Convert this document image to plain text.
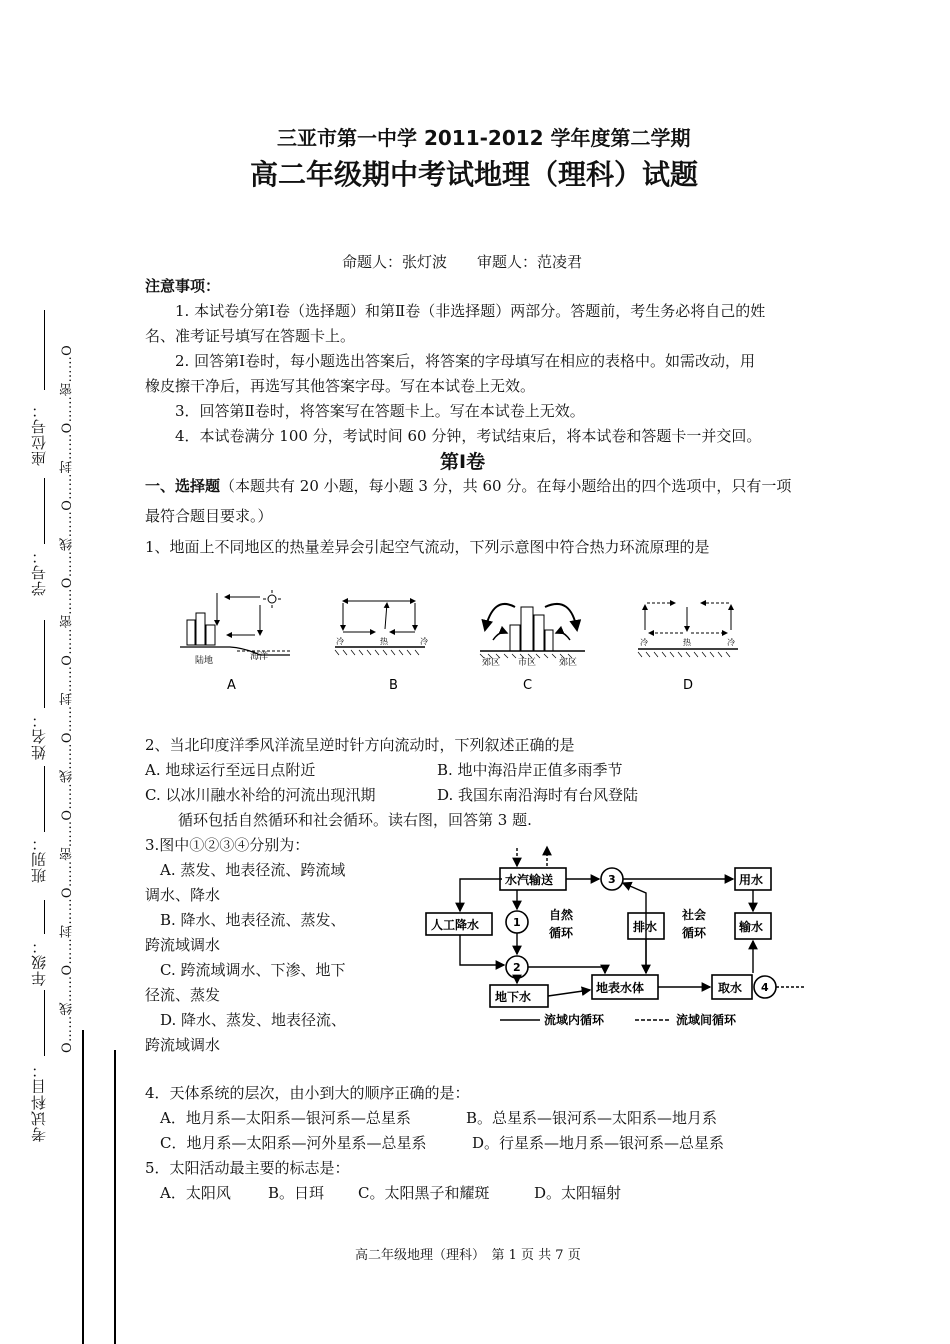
O……线……O……封……O……密……O……线……O……封……O……密……O……线……O……封……O……密……O
考试科目：
年级：
班别：
姓名：
学号：
座位号：
三亚市第一中学 2011-2012 学年度第二学期
高二年级期中考试地理（理科）试题
命题人：张灯波　　审题人：范凌君
注意事项：
1. 本试卷分第Ⅰ卷（选择题）和第Ⅱ卷（非选择题）两部分。答题前，考生务必将自己的姓
名、准考证号填写在答题卡上。
2. 回答第Ⅰ卷时，每小题选出答案后，将答案的字母填写在相应的表格中。如需改动，用
橡皮擦干净后，再选写其他答案字母。写在本试卷上无效。
3．回答第Ⅱ卷时，将答案写在答题卡上。写在本试卷上无效。
4．本试卷满分 100 分，考试时间 60 分钟，考试结束后，将本试卷和答题卡一并交回。
第Ⅰ卷
一、选择题（本题共有 20 小题，每小题 3 分，共 60 分。在每小题给出的四个选项中，只有一项
最符合题目要求。）
1、地面上不同地区的热量差异会引起空气流动，下列示意图中符合热力环流原理的是
陆地	海洋
A
冷	热	冷
B
郊区 市区	郊区
C
冷	热	冷
D
2、当北印度洋季风洋流呈逆时针方向流动时，下列叙述正确的是
A. 地球运行至远日点附近	B. 地中海沿岸正值多雨季节
C. 以冰川融水补给的河流出现汛期	D. 我国东南沿海时有台风登陆
循环包括自然循环和社会循环。读右图，回答第 3 题.
3.图中①②③④分别为：
A. 蒸发、地表径流、跨流域
调水、降水
B. 降水、地表径流、蒸发、
跨流域调水
C. 跨流域调水、下渗、地下
径流、蒸发
D. 降水、蒸发、地表径流、
跨流域调水
水汽输送
人工降水
自然
循环
社会
循环
排水
用水
输水
地下水
地表水体	取水
1
2
3
4
流域内循环	流域间循环
4．天体系统的层次，由小到大的顺序正确的是：
A．地月系—太阳系—银河系—总星系	B。总星系—银河系—太阳系—地月系
C．地月系—太阳系—河外星系—总星系	D。行星系—地月系—银河系—总星系
5．太阳活动最主要的标志是：
A．太阳风 B。日珥 C。太阳黑子和耀斑	D。太阳辐射
高二年级地理（理科）　第 1 页 共 7 页
